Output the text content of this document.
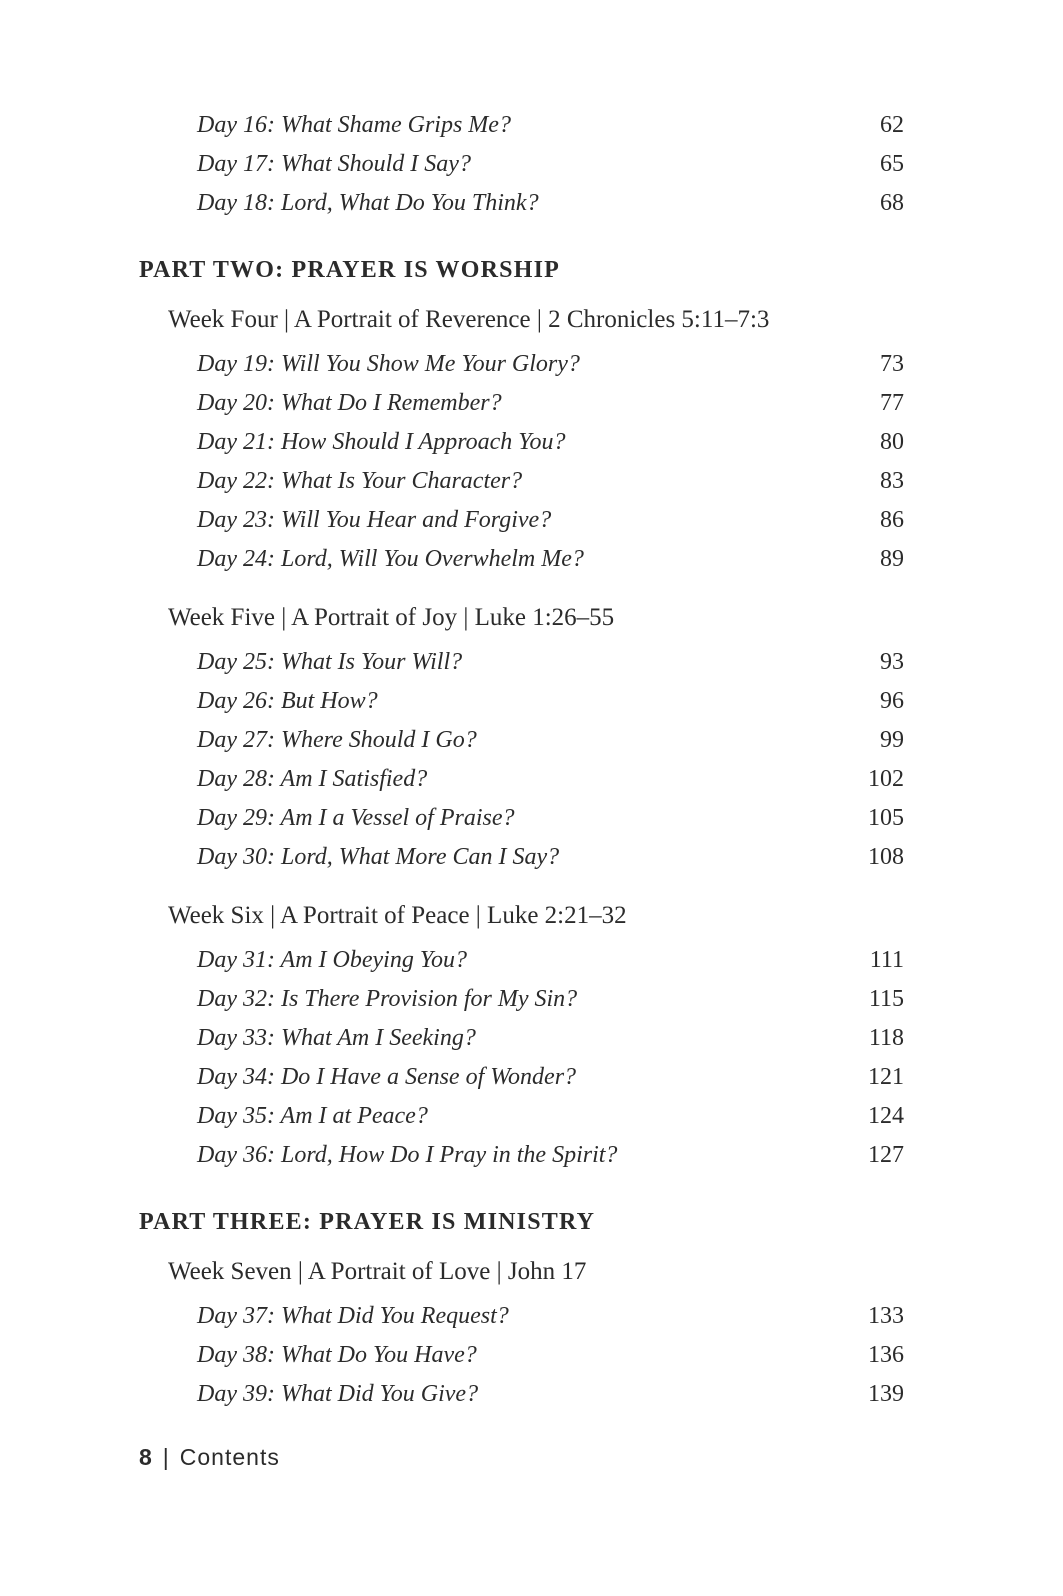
Day 16: What Shame Grips Me?	62
Day 17: What Should I Say?	65
Day 18: Lord, What Do You Think?	68
PART TWO: PRAYER IS WORSHIP
Week Four | A Portrait of Reverence | 2 Chronicles 5:11–7:3
Day 19: Will You Show Me Your Glory?	73
Day 20: What Do I Remember?	77
Day 21: How Should I Approach You?	80
Day 22: What Is Your Character?	83
Day 23: Will You Hear and Forgive?	86
Day 24: Lord, Will You Overwhelm Me?	89
Week Five | A Portrait of Joy | Luke 1:26–55
Day 25: What Is Your Will?	93
Day 26: But How?	96
Day 27: Where Should I Go?	99
Day 28: Am I Satisfied?	102
Day 29: Am I a Vessel of Praise?	105
Day 30: Lord, What More Can I Say?	108
Week Six | A Portrait of Peace | Luke 2:21–32
Day 31: Am I Obeying You?	111
Day 32: Is There Provision for My Sin?	115
Day 33: What Am I Seeking?	118
Day 34: Do I Have a Sense of Wonder?	121
Day 35: Am I at Peace?	124
Day 36: Lord, How Do I Pray in the Spirit?	127
PART THREE: PRAYER IS MINISTRY
Week Seven | A Portrait of Love | John 17
Day 37: What Did You Request?	133
Day 38: What Do You Have?	136
Day 39: What Did You Give?	139
8 | Contents
